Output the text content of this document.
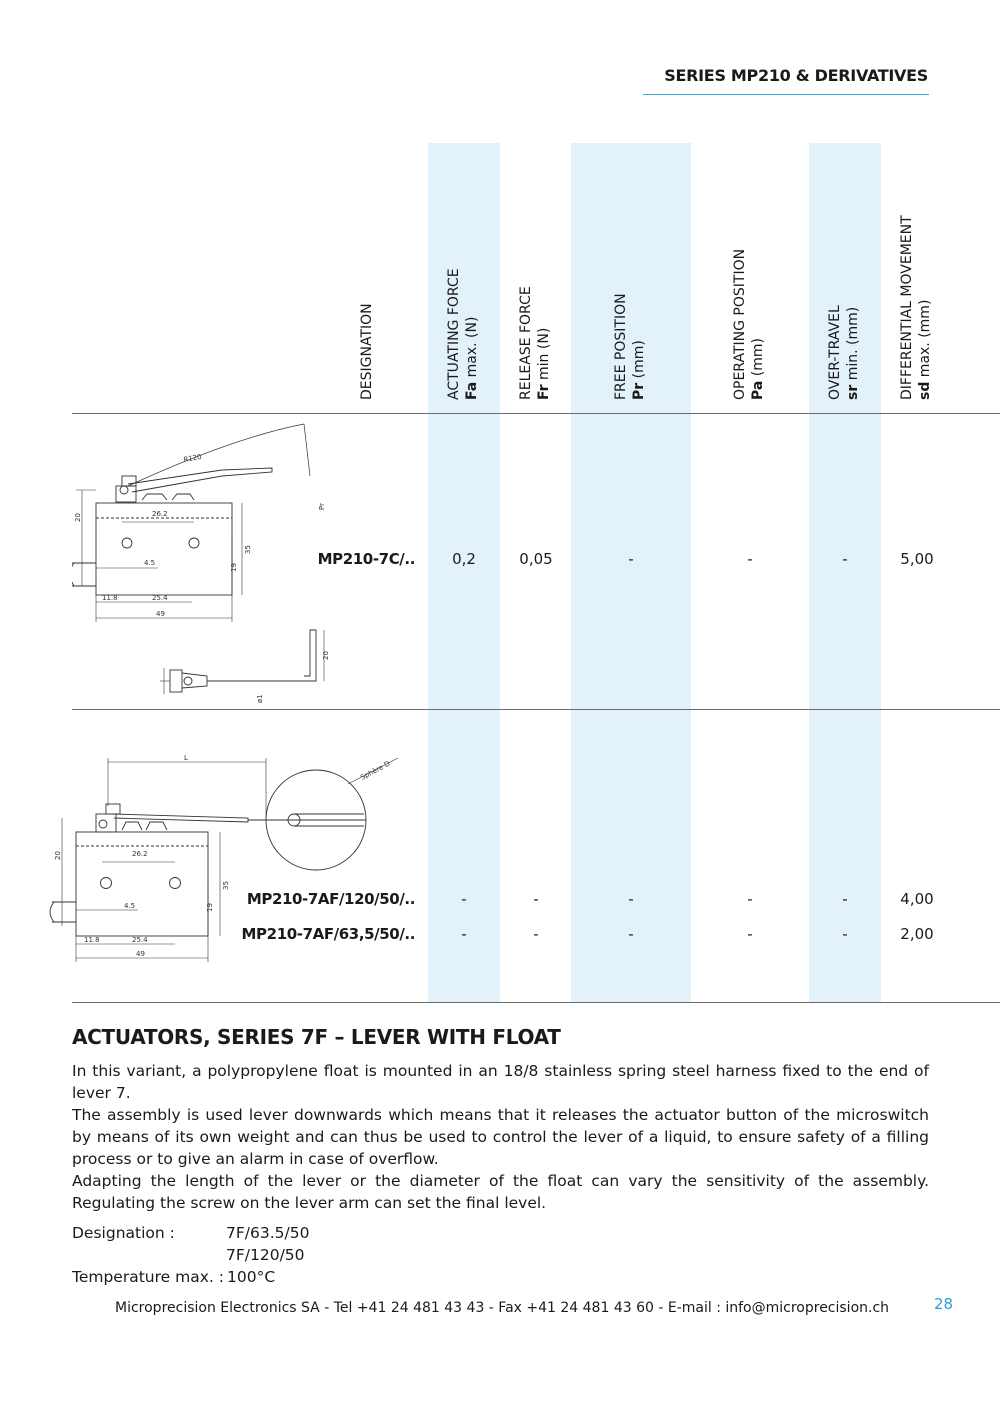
SERIES MP210 & DERIVATIVES
DESIGNATION	ACTUATING FORCE Fa max. (N)	RELEASE FORCE Fr min (N)	FREE POSITION Pr (mm)	OPERATING POSITION Pa (mm)	OVER-TRAVEL sr min. (mm)	DIFFERENTIAL MOVEMENT sd max. (mm)
MP210-7C/..	0,2	0,05	-	-	-	5,00
MP210-7AF/120/50/..	-	-	-	-	-	4,00
MP210-7AF/63,5/50/..	-	-	-	-	-	2,00
R120
Pr
20	26.2
35
4.5
19
11.8	25.4
49
20
ø1
L
Sphère D
20	26.2
35
4.5	19
11.8	25.4
49
ACTUATORS, SERIES 7F – LEVER WITH FLOAT
In this variant, a polypropylene float is mounted in an 18/8 stainless spring steel harness fixed to the end of lever 7.
The assembly is used lever downwards which means that it releases the actuator button of the microswitch by means of its own weight and can thus be used to control the lever of a liquid, to ensure safety of a filling process or to give an alarm in case of overflow.
Adapting the length of the lever or the diameter of the float can vary the sensitivity of the assembly. Regulating the screw on the lever arm can set the final level.
Designation :	7F/63.5/50
7F/120/50
Temperature max. : 100°C
Microprecision Electronics SA - Tel +41 24 481 43 43 - Fax +41 24 481 43 60 - E-mail : info@microprecision.ch	28
